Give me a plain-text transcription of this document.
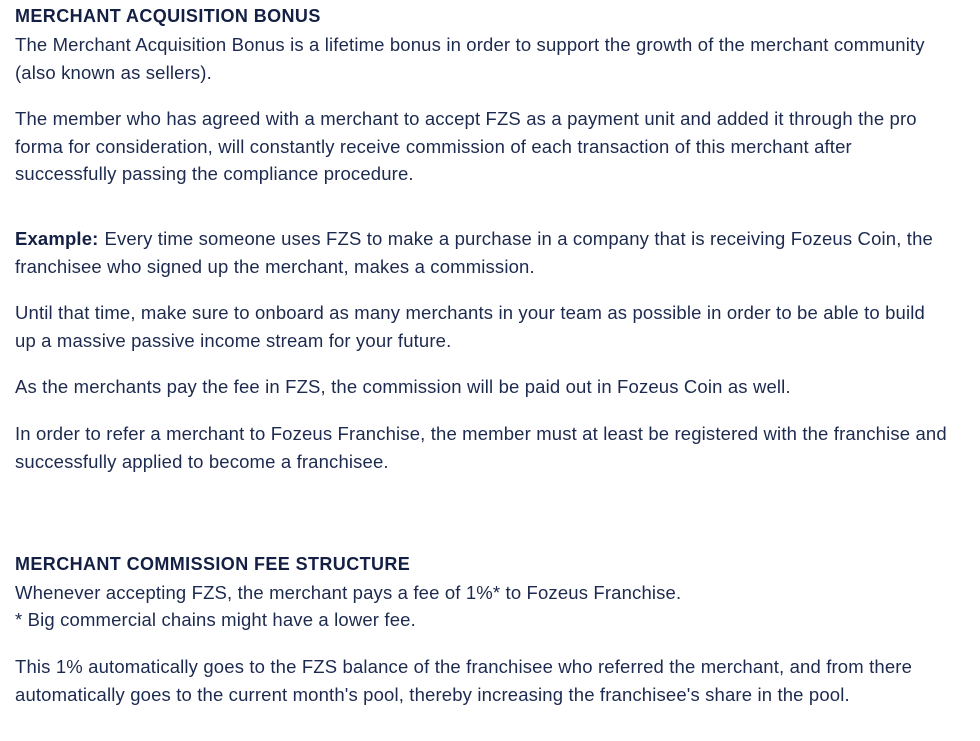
MERCHANT ACQUISITION BONUS

The Merchant Acquisition Bonus is a lifetime bonus in order to support the growth of the merchant community (also known as sellers).

The member who has agreed with a merchant to accept FZS as a payment unit and added it through the pro forma for consideration, will constantly receive commission of each transaction of this merchant after successfully passing the compliance procedure.

Example: Every time someone uses FZS to make a purchase in a company that is receiving Fozeus Coin, the franchisee who signed up the merchant, makes a commission.

Until that time, make sure to onboard as many merchants in your team as possible in order to be able to build up a massive passive income stream for your future.

As the merchants pay the fee in FZS, the commission will be paid out in Fozeus Coin as well.

In order to refer a merchant to Fozeus Franchise, the member must at least be registered with the franchise and successfully applied to become a franchisee.

MERCHANT COMMISSION FEE STRUCTURE

Whenever accepting FZS, the merchant pays a fee of 1%* to Fozeus Franchise.

* Big commercial chains might have a lower fee.

This 1% automatically goes to the FZS balance of the franchisee who referred the merchant, and from there automatically goes to the current month's pool, thereby increasing the franchisee's share in the pool.
